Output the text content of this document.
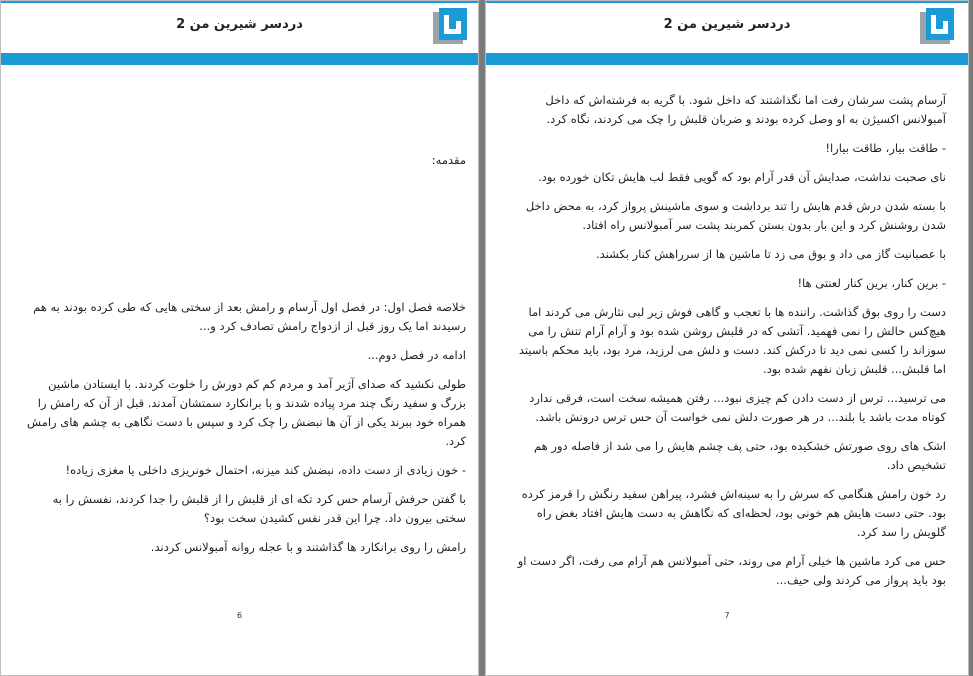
دردسر شیرین من 2
مقدمه:

خلاصه فصل اول: در فصل اول آرسام و رامش بعد از سختی هایی که طی کرده بودند به هم رسیدند اما یک روز قبل از ازدواج رامش تصادف کرد و...

ادامه در فصل دوم...

طولی نکشید که صدای آژیر آمد و مردم کم کم دورش را خلوت کردند. با ایستادن ماشین بزرگ و سفید رنگ چند مرد پیاده شدند و با برانکارد سمتشان آمدند. قبل از آن که رامش را همراه خود ببرند یکی از آن ها نبضش را چک کرد و سپس با دست نگاهی به چشم های رامش کرد.

- خون زیادی از دست داده، نبضش کند میزنه، احتمال خونریزی داخلی یا مغزی زیاده!

با گفتن حرفش آرسام حس کرد تکه ای از قلبش را از قلبش را جدا کردند، نفسش را به سختی بیرون داد. چرا این قدر نفس کشیدن سخت بود؟

رامش را روی برانکارد ها گذاشتند و با عجله روانه آمبولانس کردند.

6
دردسر شیرین من 2

آرسام پشت سرشان رفت اما نگذاشتند که داخل شود. با گریه به فرشته‌اش که داخل آمبولانس اکسیژن به او وصل کرده بودند و ضربان قلبش را چک می کردند، نگاه کرد.

- طاقت بیار، طاقت بیارا!

نای صحبت نداشت، صدایش آن قدر آرام بود که گویی فقط لب هایش تکان خورده بود.

با بسته شدن درش قدم هایش را تند برداشت و سوی ماشینش پرواز کرد، به محض داخل شدن روشنش کرد و این بار بدون بستن کمربند پشت سر آمبولانس راه افتاد.

با عصبانیت گاز می داد و بوق می زد تا ماشین ها از سرراهش کنار بکشند.

- برین کنار، برین کنار لعنتی ها!

دست را روی بوق گذاشت. راننده ها با تعجب و گاهی فوش زیر لبی نثارش می کردند اما هیچ‌کس حالش را نمی فهمید. آتشی که در قلبش روشن شده بود و آرام آرام تنش را می سوزاند را کسی نمی دید تا درکش کند. دست و دلش می لرزید، مرد بود، باید محکم باسیتد اما قلبش... قلبش زبان نفهم شده بود.

می ترسید... ترس از دست دادن کم چیزی نبود... رفتن همیشه سخت است، فرقی ندارد کوتاه مدت باشد یا بلند... در هر صورت دلش نمی خواست آن حس ترس درونش باشد.

اشک های روی صورتش خشکیده بود، حتی پف چشم هایش را می شد از فاصله دور هم تشخیص داد.

رد خون رامش هنگامی که سرش را به سینه‌اش فشرد، پیراهن سفید رنگش را قرمز کرده بود. حتی دست هایش هم خونی بود، لحظه‌ای که نگاهش به دست هایش افتاد بغض راه گلویش را سد کرد.

حس می کرد ماشین ها خیلی آرام می روند، حتی آمبولانس هم آرام می رفت، اگر دست او بود باید پرواز می کردند ولی حیف...

7
